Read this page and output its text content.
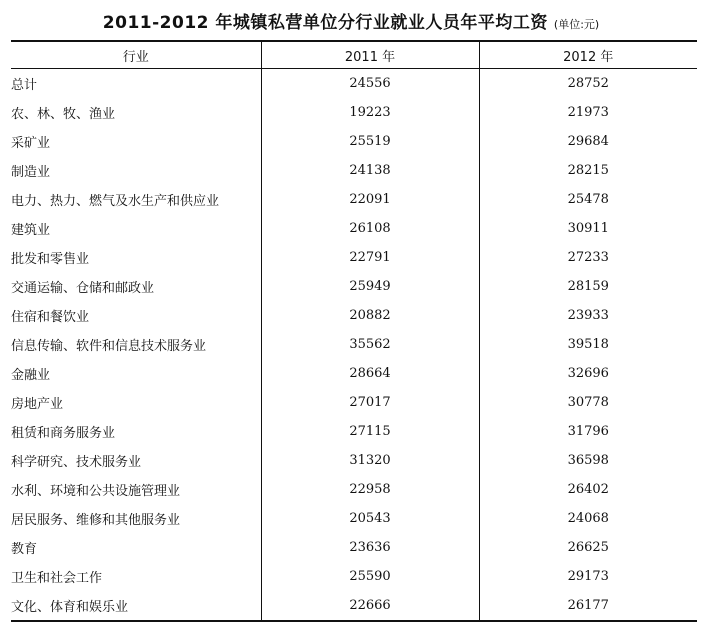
2011-2012 年城镇私营单位分行业就业人员年平均工资 (单位:元)
行业	2011 年	2012 年
总计	24556	28752
农、林、牧、渔业	19223	21973
采矿业	25519	29684
制造业	24138	28215
电力、热力、燃气及水生产和供应业	22091	25478
建筑业	26108	30911
批发和零售业	22791	27233
交通运输、仓储和邮政业	25949	28159
住宿和餐饮业	20882	23933
信息传输、软件和信息技术服务业	35562	39518
金融业	28664	32696
房地产业	27017	30778
租赁和商务服务业	27115	31796
科学研究、技术服务业	31320	36598
水利、环境和公共设施管理业	22958	26402
居民服务、维修和其他服务业	20543	24068
教育	23636	26625
卫生和社会工作	25590	29173
文化、体育和娱乐业	22666	26177
